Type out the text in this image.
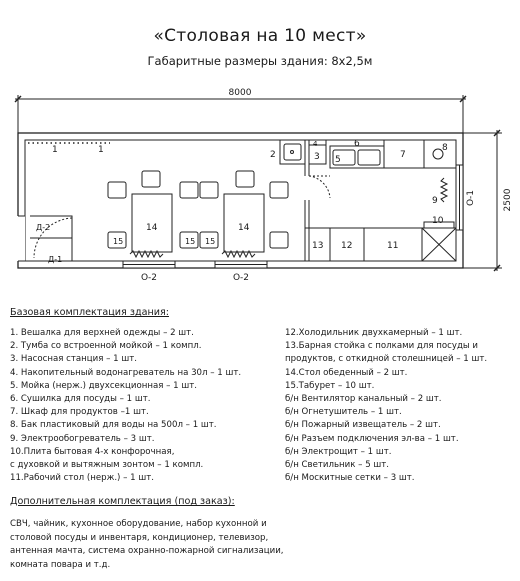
«Столовая на 10 мест»
Габаритные размеры здания: 8х2,5м
8000
2500
О-1
1	1	2	3
4
5
6
7
8
9
10
11
12
13
14	14
15	15 15
Д-1
Д-2
О-2	О-2
Базовая комплектация здания:
1. Вешалка для верхней одежды – 2 шт.
2. Тумба со встроенной мойкой – 1 компл.
3. Насосная станция – 1 шт.
4. Накопительный водонагреватель на 30л – 1 шт.
5. Мойка (нерж.) двухсекционная – 1 шт.
6. Сушилка для посуды – 1 шт.
7. Шкаф для продуктов –1 шт.
8. Бак пластиковый для воды на 500л – 1 шт.
9. Электрообогреватель – 3 шт.
10.Плита бытовая 4-х конфорочная,
с духовкой и вытяжным зонтом – 1 компл.
11.Рабочий стол (нерж.) – 1 шт.
12.Холодильник двухкамерный – 1 шт.
13.Барная стойка с полками для посуды и
продуктов, с откидной столешницей – 1 шт.
14.Стол обеденный – 2 шт.
15.Табурет – 10 шт.
б/н Вентилятор канальный – 2 шт.
б/н Огнетушитель – 1 шт.
б/н Пожарный извещатель – 2 шт.
б/н Разъем подключения эл-ва – 1 шт.
б/н Электрощит – 1 шт.
б/н Светильник – 5 шт.
б/н Москитные сетки – 3 шт.
Дополнительная комплектация (под заказ):
СВЧ, чайник, кухонное оборудование, набор кухонной и
столовой посуды и инвентаря, кондиционер, телевизор,
антенная мачта, система охранно-пожарной сигнализации,
комната повара и т.д.
